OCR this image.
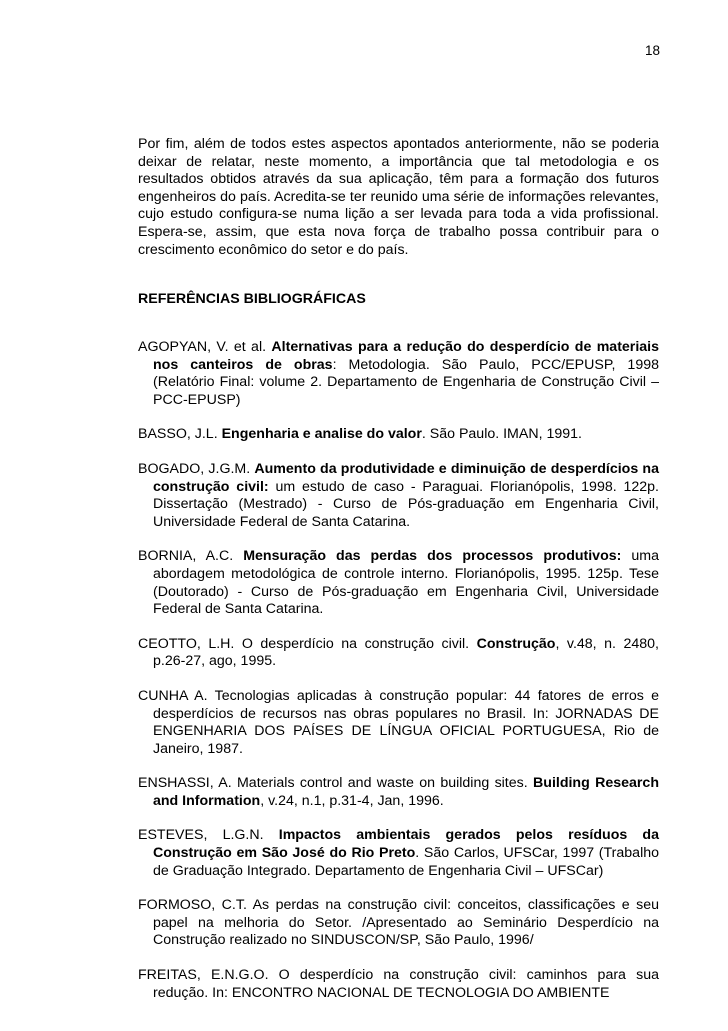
18

Por fim, além de todos estes aspectos apontados anteriormente, não se poderia deixar de relatar, neste momento, a importância que tal metodologia e os resultados obtidos através da sua aplicação, têm para a formação dos futuros engenheiros do país. Acredita-se ter reunido uma série de informações relevantes, cujo estudo configura-se numa lição a ser levada para toda a vida profissional. Espera-se, assim, que esta nova força de trabalho possa contribuir para o crescimento econômico do setor e do país.

REFERÊNCIAS BIBLIOGRÁFICAS

AGOPYAN, V. et al. Alternativas para a redução do desperdício de materiais nos canteiros de obras: Metodologia. São Paulo, PCC/EPUSP, 1998 (Relatório Final: volume 2. Departamento de Engenharia de Construção Civil – PCC-EPUSP)

BASSO, J.L. Engenharia e analise do valor. São Paulo. IMAN, 1991.

BOGADO, J.G.M. Aumento da produtividade e diminuição de desperdícios na construção civil: um estudo de caso - Paraguai. Florianópolis, 1998. 122p. Dissertação (Mestrado) - Curso de Pós-graduação em Engenharia Civil, Universidade Federal de Santa Catarina.

BORNIA, A.C. Mensuração das perdas dos processos produtivos: uma abordagem metodológica de controle interno. Florianópolis, 1995. 125p. Tese (Doutorado) - Curso de Pós-graduação em Engenharia Civil, Universidade Federal de Santa Catarina.

CEOTTO, L.H. O desperdício na construção civil. Construção, v.48, n. 2480, p.26-27, ago, 1995.

CUNHA A. Tecnologias aplicadas à construção popular: 44 fatores de erros e desperdícios de recursos nas obras populares no Brasil. In: JORNADAS DE ENGENHARIA DOS PAÍSES DE LÍNGUA OFICIAL PORTUGUESA, Rio de Janeiro, 1987.

ENSHASSI, A. Materials control and waste on building sites. Building Research and Information, v.24, n.1, p.31-4, Jan, 1996.

ESTEVES, L.G.N. Impactos ambientais gerados pelos resíduos da Construção em São José do Rio Preto. São Carlos, UFSCar, 1997 (Trabalho de Graduação Integrado. Departamento de Engenharia Civil – UFSCar)

FORMOSO, C.T. As perdas na construção civil: conceitos, classificações e seu papel na melhoria do Setor. /Apresentado ao Seminário Desperdício na Construção realizado no SINDUSCON/SP, São Paulo, 1996/

FREITAS, E.N.G.O. O desperdício na construção civil: caminhos para sua redução. In: ENCONTRO NACIONAL DE TECNOLOGIA DO AMBIENTE
